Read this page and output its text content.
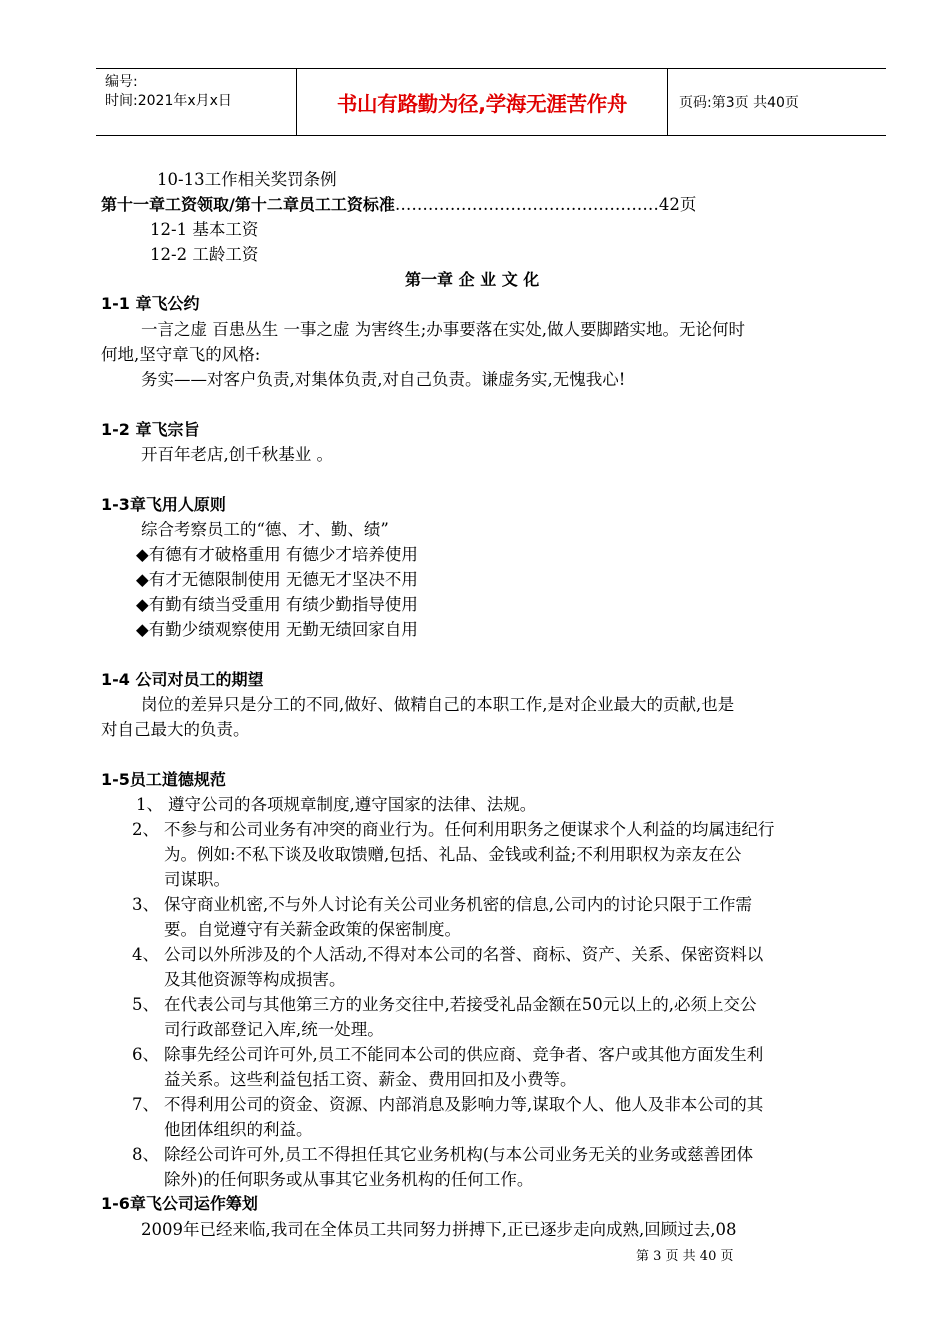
编号:
时间:2021年x月x日	书山有路勤为径,学海无涯苦作舟	页码:第3页 共40页
10-13工作相关奖罚条例
第十一章工资领取/第十二章员工工资标准…………………………………………42页
12-1 基本工资
12-2 工龄工资
第一章 企 业 文 化
1-1 章飞公约
一言之虚 百患丛生 一事之虚 为害终生;办事要落在实处,做人要脚踏实地。无论何时
何地,坚守章飞的风格:
务实——对客户负责,对集体负责,对自己负责。谦虚务实,无愧我心!
1-2 章飞宗旨
开百年老店,创千秋基业 。
1-3章飞用人原则
综合考察员工的“德、才、勤、绩”
◆有德有才破格重用 有德少才培养使用
◆有才无德限制使用 无德无才坚决不用
◆有勤有绩当受重用 有绩少勤指导使用
◆有勤少绩观察使用 无勤无绩回家自用
1-4 公司对员工的期望
岗位的差异只是分工的不同,做好、做精自己的本职工作,是对企业最大的贡献,也是
对自己最大的负责。
1-5员工道德规范
1、 遵守公司的各项规章制度,遵守国家的法律、法规。
2、 不参与和公司业务有冲突的商业行为。任何利用职务之便谋求个人利益的均属违纪行
为。例如:不私下谈及收取馈赠,包括、礼品、金钱或利益;不利用职权为亲友在公
司谋职。
3、 保守商业机密,不与外人讨论有关公司业务机密的信息,公司内的讨论只限于工作需
要。自觉遵守有关薪金政策的保密制度。
4、 公司以外所涉及的个人活动,不得对本公司的名誉、商标、资产、关系、保密资料以
及其他资源等构成损害。
5、 在代表公司与其他第三方的业务交往中,若接受礼品金额在50元以上的,必须上交公
司行政部登记入库,统一处理。
6、 除事先经公司许可外,员工不能同本公司的供应商、竞争者、客户或其他方面发生利
益关系。这些利益包括工资、薪金、费用回扣及小费等。
7、 不得利用公司的资金、资源、内部消息及影响力等,谋取个人、他人及非本公司的其
他团体组织的利益。
8、 除经公司许可外,员工不得担任其它业务机构(与本公司业务无关的业务或慈善团体
除外)的任何职务或从事其它业务机构的任何工作。
1-6章飞公司运作筹划
2009年已经来临,我司在全体员工共同努力拼搏下,正已逐步走向成熟,回顾过去,08
第 3 页 共 40 页
